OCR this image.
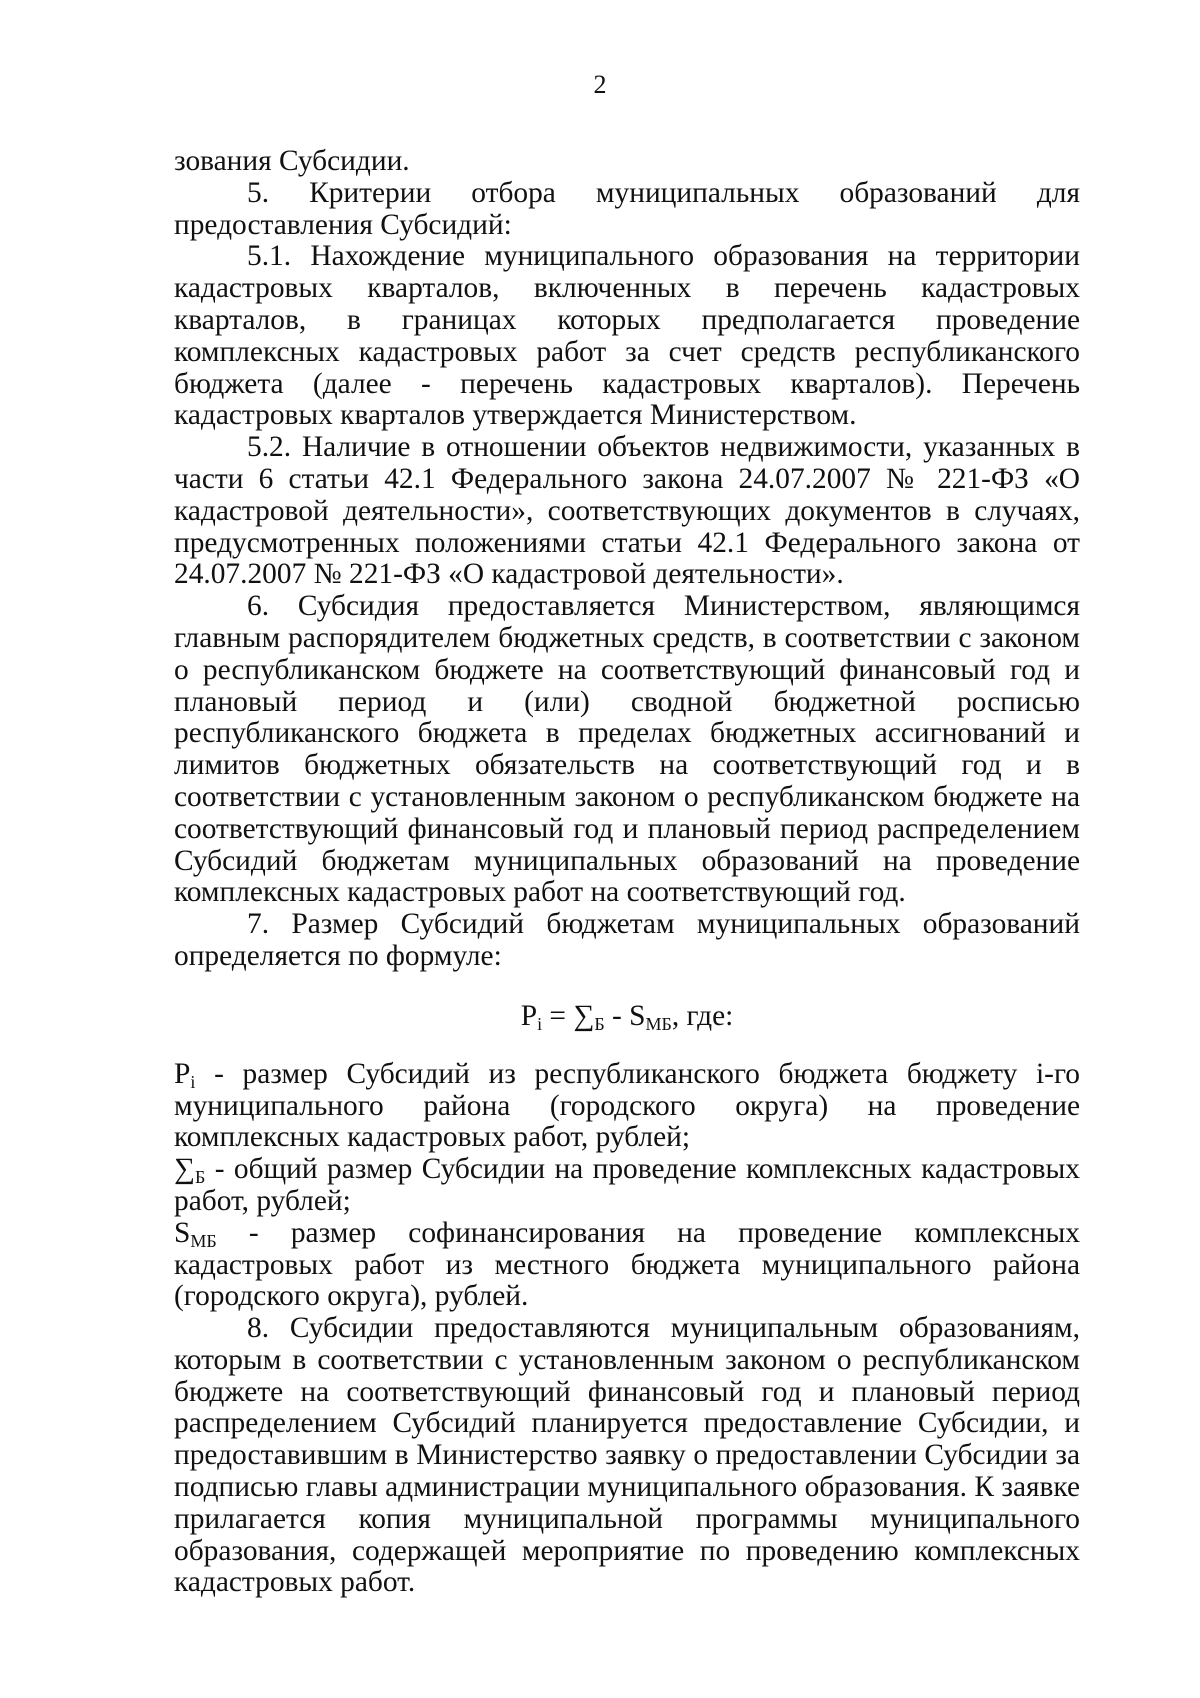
2

зования Субсидии.

5. Критерии отбора муниципальных образований для предоставления Субсидий:

5.1. Нахождение муниципального образования на территории кадастровых кварталов, включенных в перечень кадастровых кварталов, в границах которых предполагается проведение комплексных кадастровых работ за счет средств республиканского бюджета (далее - перечень кадастровых кварталов). Перечень кадастровых кварталов утверждается Министерством.

5.2. Наличие в отношении объектов недвижимости, указанных в части 6 статьи 42.1 Федерального закона 24.07.2007 № 221-ФЗ «О кадастровой деятельности», соответствующих документов в случаях, предусмотренных положениями статьи 42.1 Федерального закона от 24.07.2007 № 221-ФЗ «О кадастровой деятельности».

6. Субсидия предоставляется Министерством, являющимся главным распорядителем бюджетных средств, в соответствии с законом о республиканском бюджете на соответствующий финансовый год и плановый период и (или) сводной бюджетной росписью республиканского бюджета в пределах бюджетных ассигнований и лимитов бюджетных обязательств на соответствующий год и в соответствии с установленным законом о республиканском бюджете на соответствующий финансовый год и плановый период распределением Субсидий бюджетам муниципальных образований на проведение комплексных кадастровых работ на соответствующий год.

7. Размер Субсидий бюджетам муниципальных образований определяется по формуле:

$P_i = \sum_Б - S_{МБ}$, где:

$P_i$ - размер Субсидий из республиканского бюджета бюджету i-го муниципального района (городского округа) на проведение комплексных кадастровых работ, рублей;

$\sum_Б$ - общий размер Субсидии на проведение комплексных кадастровых работ, рублей;

$S_{МБ}$ - размер софинансирования на проведение комплексных кадастровых работ из местного бюджета муниципального района (городского округа), рублей.

8. Субсидии предоставляются муниципальным образованиям, которым в соответствии с установленным законом о республиканском бюджете на соответствующий финансовый год и плановый период распределением Субсидий планируется предоставление Субсидии, и предоставившим в Министерство заявку о предоставлении Субсидии за подписью главы администрации муниципального образования. К заявке прилагается копия муниципальной программы муниципального образования, содержащей мероприятие по проведению комплексных кадастровых работ.
